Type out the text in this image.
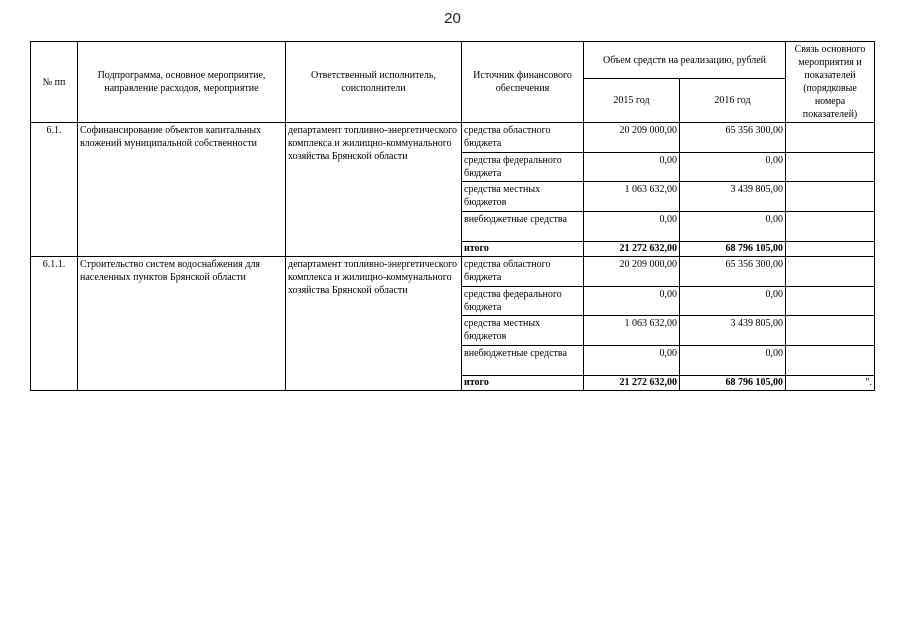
20
№ пп	Подпрограмма, основное мероприятие, направление расходов, мероприятие	Ответственный исполнитель, соисполнители	Источник финансового обеспечения	Объем средств на реализацию, рублей		Связь основного мероприятия и показателей (порядковые номера показателей)
				2015 год	2016 год	
6.1.	Софинансирование объектов капитальных вложений муниципальной собственности	департамент топливно-энергетического комплекса и жилищно-коммунального хозяйства Брянской области	средства областного бюджета	20 209 000,00	65 356 300,00	
			средства федерального бюджета	0,00	0,00	
			средства местных бюджетов	1 063 632,00	3 439 805,00	
			внебюджетные средства	0,00	0,00	
			итого	21 272 632,00	68 796 105,00	
6.1.1.	Строительство систем водоснабжения для населенных пунктов Брянской области	департамент топливно-энергетического комплекса и жилищно-коммунального хозяйства Брянской области	средства областного бюджета	20 209 000,00	65 356 300,00	
			средства федерального бюджета	0,00	0,00	
			средства местных бюджетов	1 063 632,00	3 439 805,00	
			внебюджетные средства	0,00	0,00	
			итого	21 272 632,00	68 796 105,00	".
